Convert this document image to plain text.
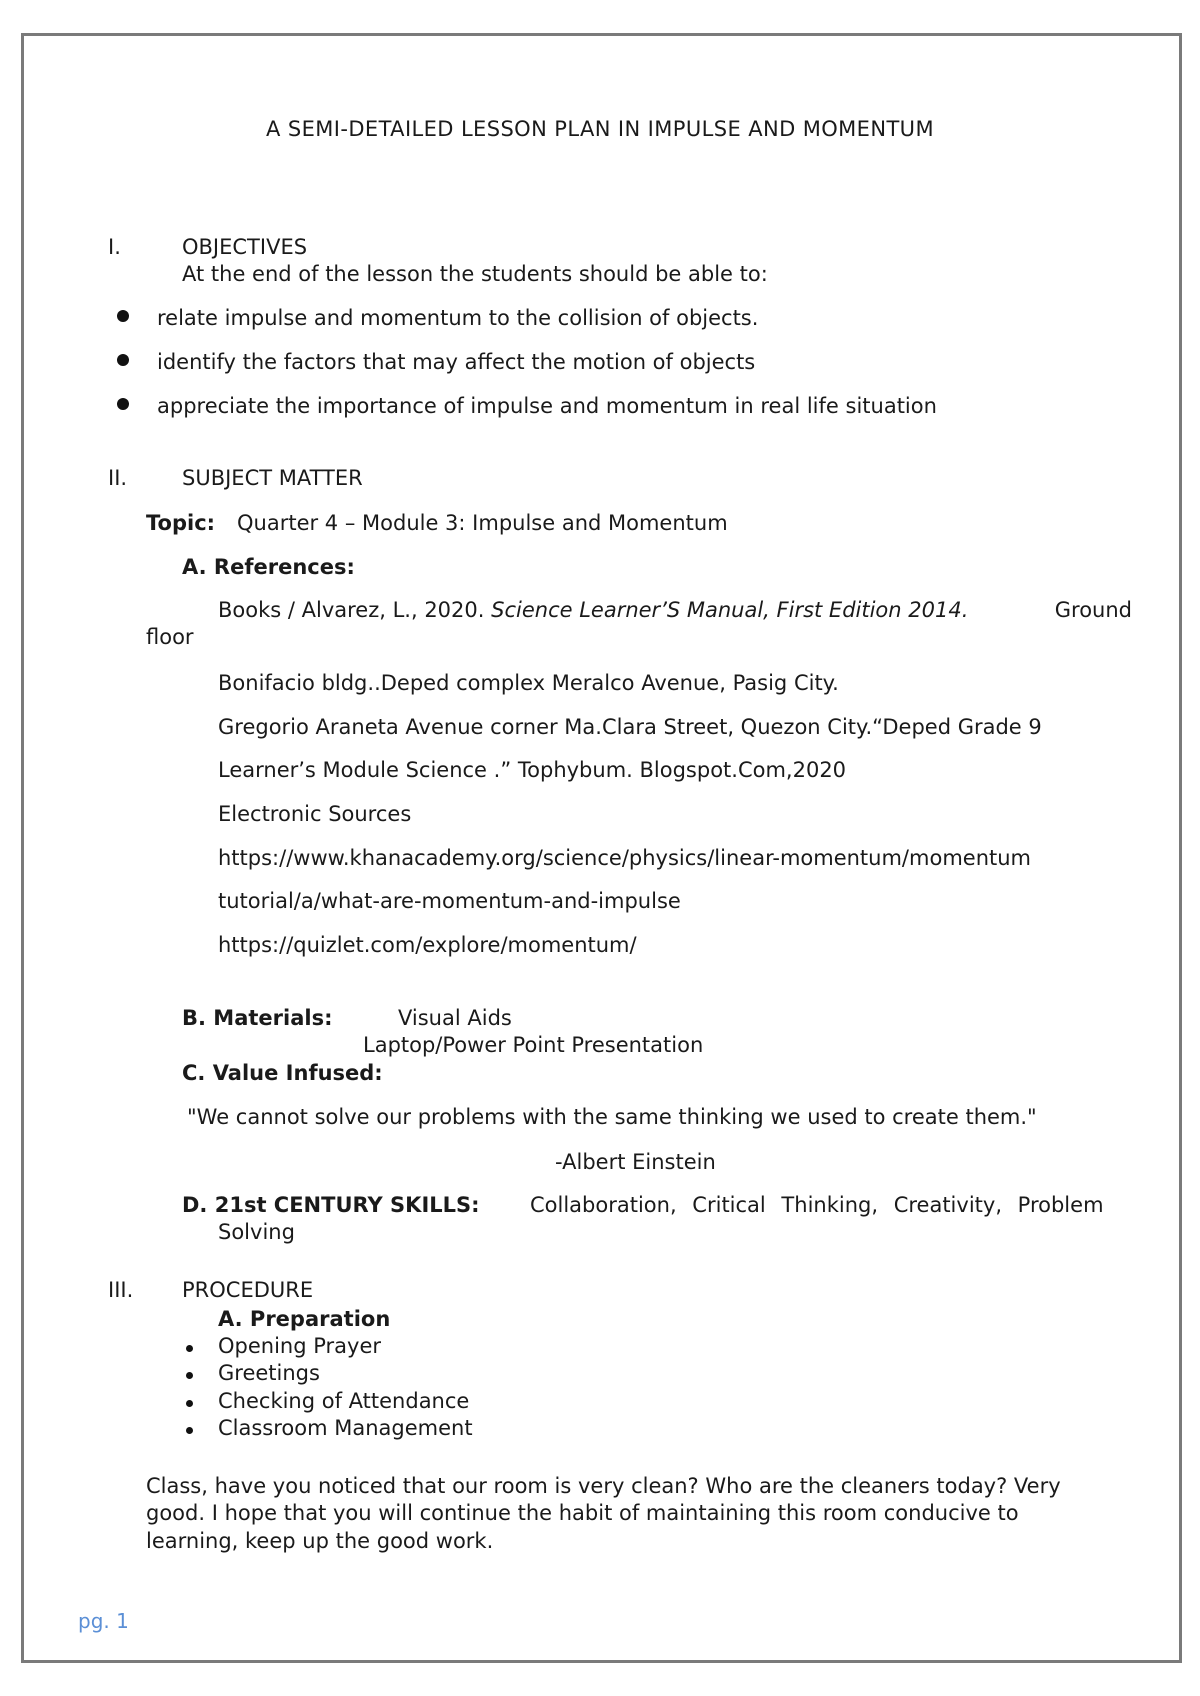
A SEMI-DETAILED LESSON PLAN IN IMPULSE AND MOMENTUM
I.	OBJECTIVES
At the end of the lesson the students should be able to:
relate impulse and momentum to the collision of objects.
identify the factors that may affect the motion of objects
appreciate the importance of impulse and momentum in real life situation
II.	SUBJECT MATTER
Topic: Quarter 4 – Module 3: Impulse and Momentum
A. References:
Books / Alvarez, L., 2020. Science Learner’S Manual, First Edition 2014.	Ground
floor
Bonifacio bldg..Deped complex Meralco Avenue, Pasig City.
Gregorio Araneta Avenue corner Ma.Clara Street, Quezon City.“Deped Grade 9
Learner’s Module Science .” Tophybum. Blogspot.Com,2020
Electronic Sources
https://www.khanacademy.org/science/physics/linear-momentum/momentum
tutorial/a/what-are-momentum-and-impulse
https://quizlet.com/explore/momentum/
B. Materials:	Visual Aids
Laptop/Power Point Presentation
C. Value Infused:
"We cannot solve our problems with the same thinking we used to create them."
-Albert Einstein
D. 21st CENTURY SKILLS: Collaboration, Critical Thinking, Creativity, Problem
Solving
III. PROCEDURE
A. Preparation
Opening Prayer
Greetings
Checking of Attendance
Classroom Management
Class, have you noticed that our room is very clean? Who are the cleaners today? Very
good. I hope that you will continue the habit of maintaining this room conducive to
learning, keep up the good work.
pg. 1
